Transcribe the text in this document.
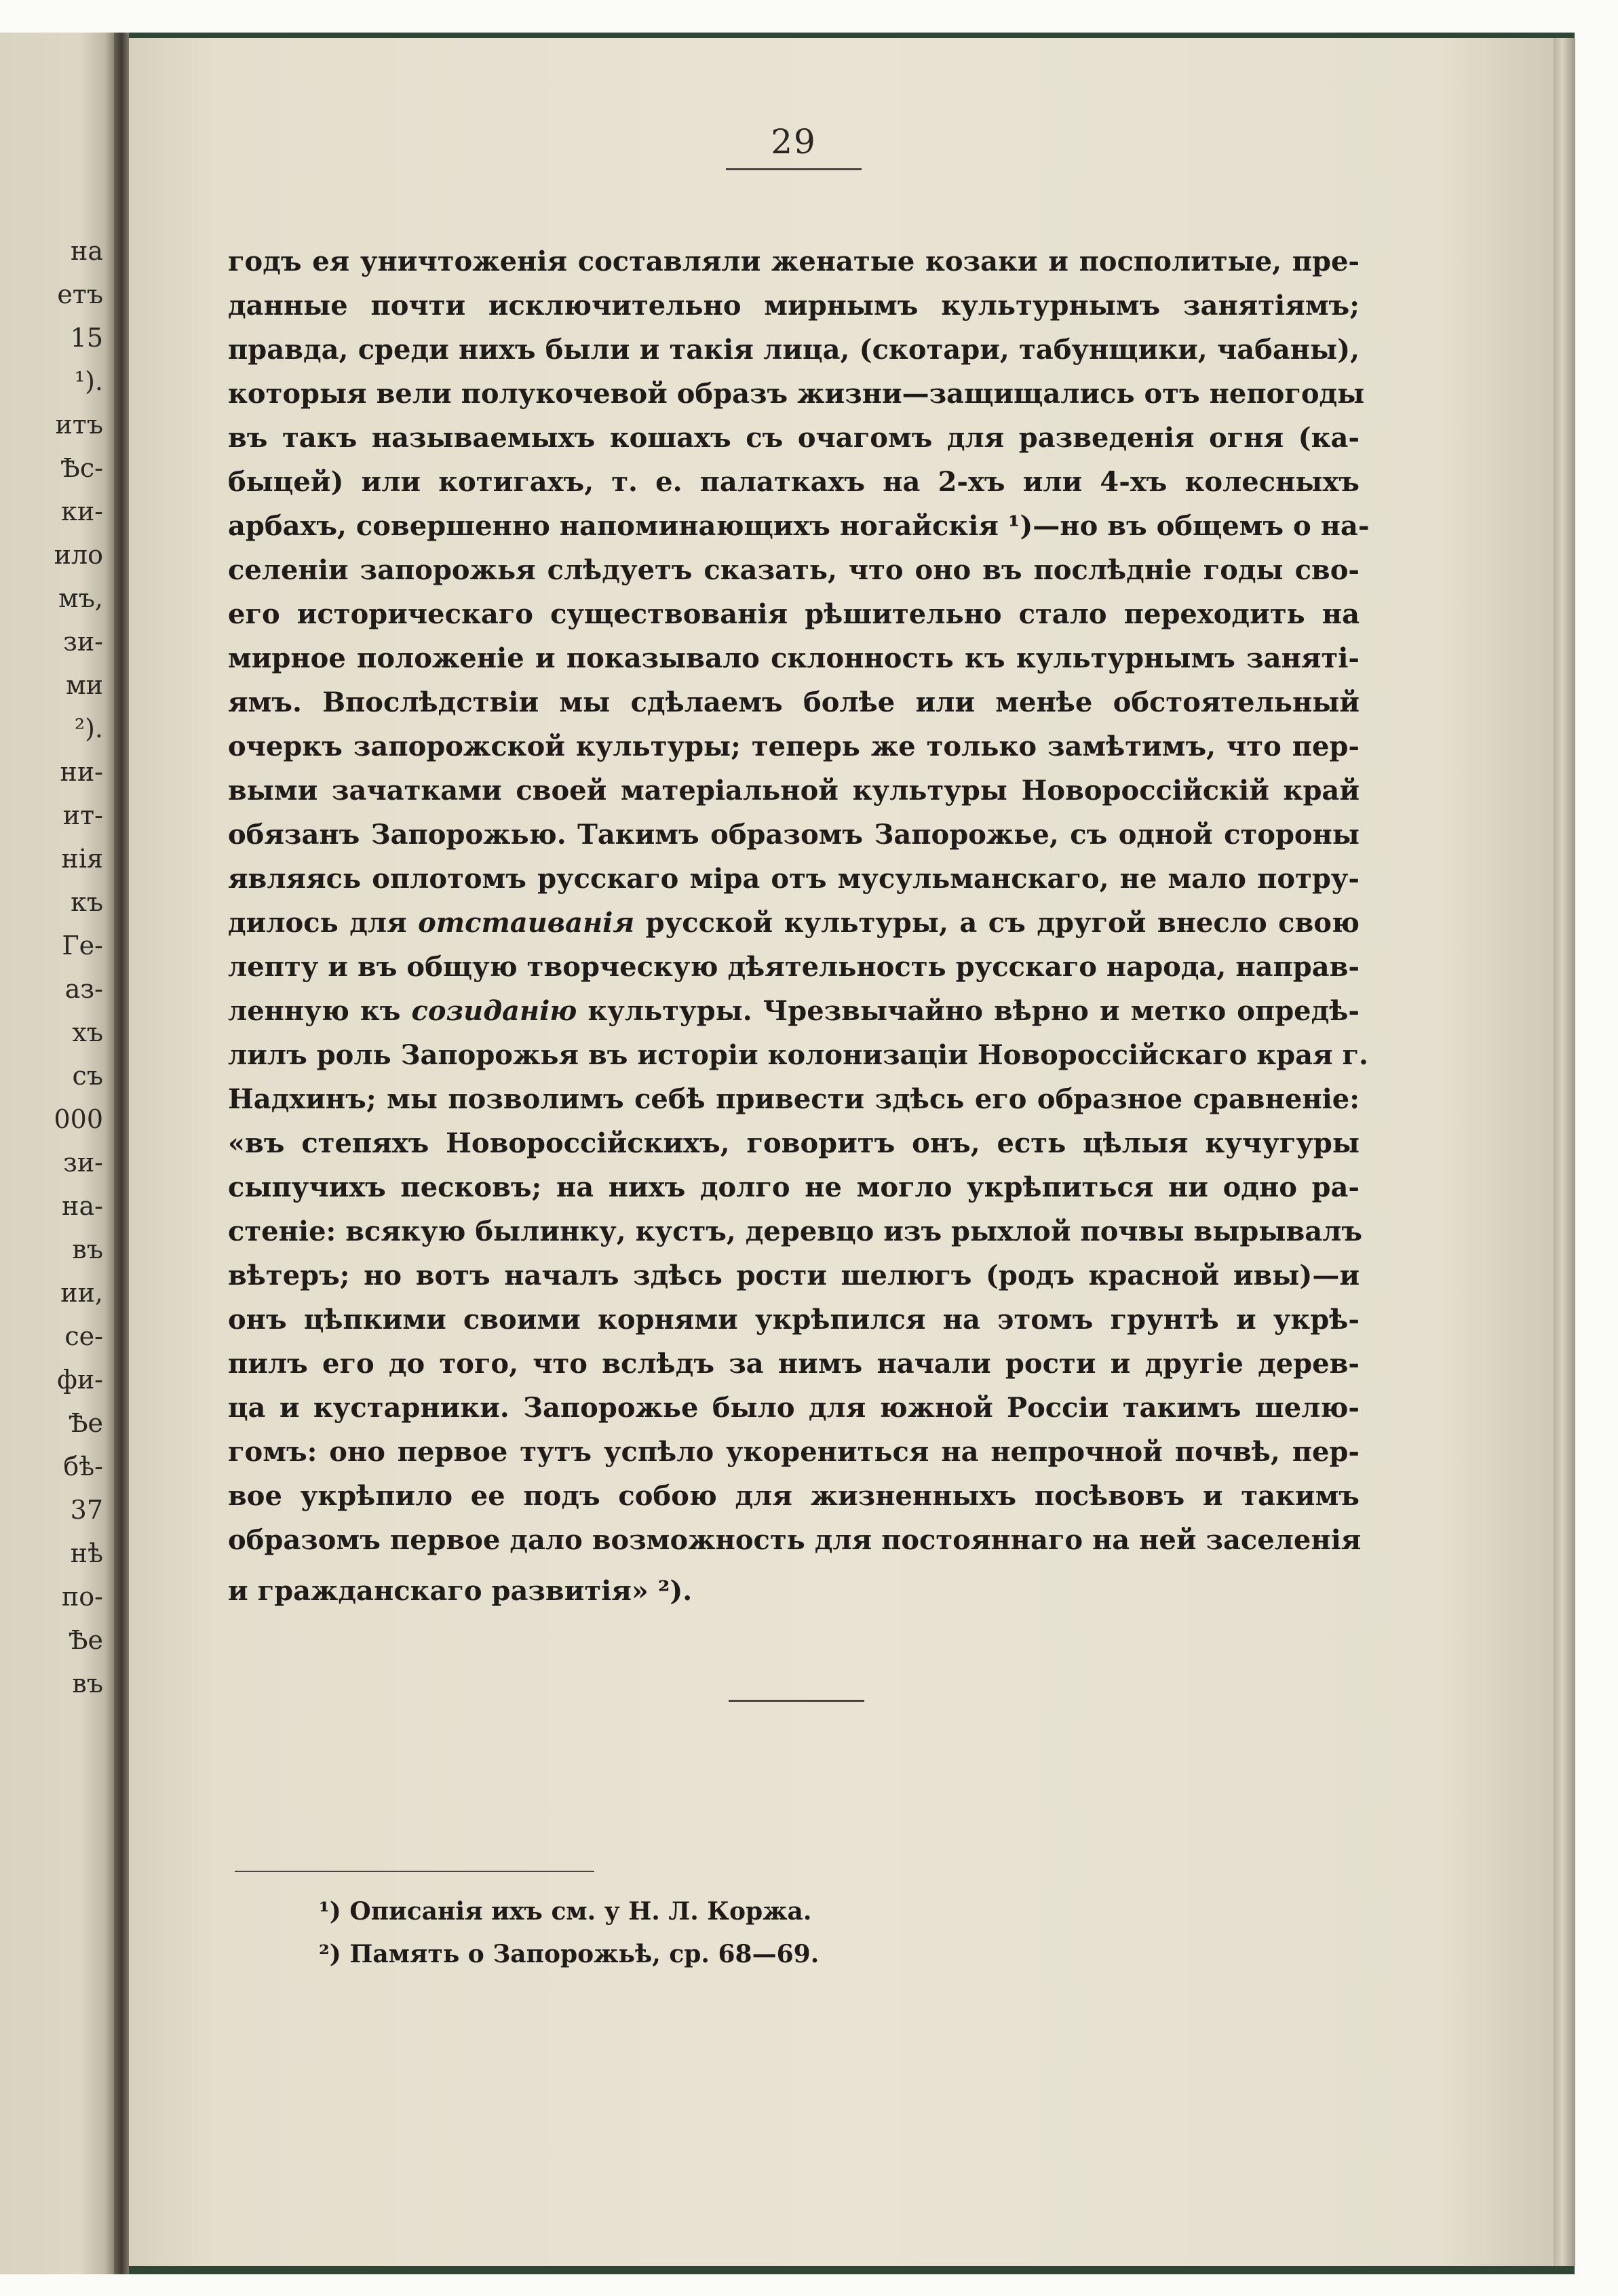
на
етъ
15
¹).
итъ
Ѣс-
ки-
ило
мъ,
зи-
ми
²).
ни-
ит-
нія
къ
Ге-
аз-
хъ
съ
000
зи-
на-
въ
ии,
се-
фи-
Ѣе
бѣ-
37
нѣ
по-
Ѣе
въ
29
годъ ея уничтоженія составляли женатые козаки и посполитые, пре-
данные почти исключительно мирнымъ культурнымъ занятіямъ;
правда, среди нихъ были и такія лица, (скотари, табунщики, чабаны),
которыя вели полукочевой образъ жизни—защищались отъ непогоды
въ такъ называемыхъ кошахъ съ очагомъ для разведенія огня (ка-
быцей) или котигахъ, т. е. палаткахъ на 2-хъ или 4-хъ колесныхъ
арбахъ, совершенно напоминающихъ ногайскія ¹)—но въ общемъ о на-
селеніи запорожья слѣдуетъ сказать, что оно въ послѣдніе годы сво-
его историческаго существованія рѣшительно стало переходить на
мирное положеніе и показывало склонность къ культурнымъ заняті-
ямъ. Впослѣдствіи мы сдѣлаемъ болѣе или менѣе обстоятельный
очеркъ запорожской культуры; теперь же только замѣтимъ, что пер-
выми зачатками своей матеріальной культуры Новороссійскій край
обязанъ Запорожью. Такимъ образомъ Запорожье, съ одной стороны
являясь оплотомъ русскаго міра отъ мусульманскаго, не мало потру-
дилось для отстаиванія русской культуры, а съ другой внесло свою
лепту и въ общую творческую дѣятельность русскаго народа, направ-
ленную къ созиданію культуры. Чрезвычайно вѣрно и метко опредѣ-
лилъ роль Запорожья въ исторіи колонизаціи Новороссійскаго края г.
Надхинъ; мы позволимъ себѣ привести здѣсь его образное сравненіе:
«въ степяхъ Новороссійскихъ, говоритъ онъ, есть цѣлыя кучугуры
сыпучихъ песковъ; на нихъ долго не могло укрѣпиться ни одно ра-
стеніе: всякую былинку, кустъ, деревцо изъ рыхлой почвы вырывалъ
вѣтеръ; но вотъ началъ здѣсь рости шелюгъ (родъ красной ивы)—и
онъ цѣпкими своими корнями укрѣпился на этомъ грунтѣ и укрѣ-
пилъ его до того, что вслѣдъ за нимъ начали рости и другіе дерев-
ца и кустарники. Запорожье было для южной Россіи такимъ шелю-
гомъ: оно первое тутъ успѣло укорениться на непрочной почвѣ, пер-
вое укрѣпило ее подъ собою для жизненныхъ посѣвовъ и такимъ
образомъ первое дало возможность для постояннаго на ней заселенія
и гражданскаго развитія» ²).
¹) Описанія ихъ см. у Н. Л. Коржа.
²) Память о Запорожьѣ, ср. 68—69.
